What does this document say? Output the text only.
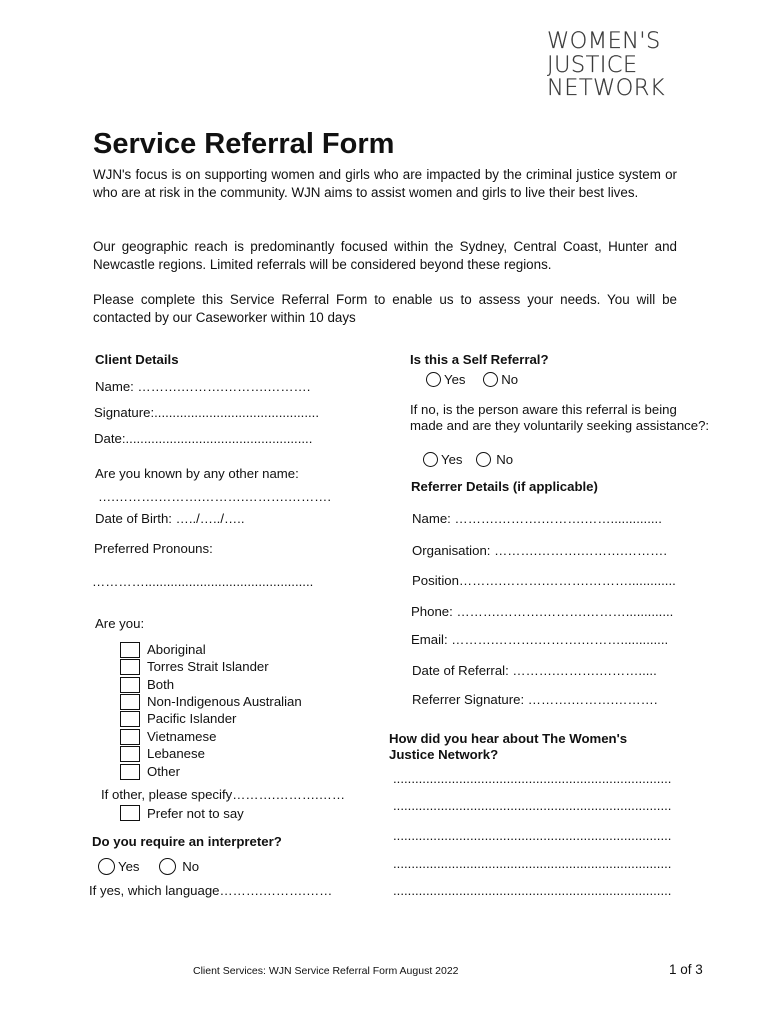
WOMEN'S
JUSTICE
NETWORK
Service Referral Form
WJN's focus is on supporting women and girls who are impacted by the criminal justice system or who are at risk in the community. WJN aims to assist women and girls to live their best lives.
Our geographic reach is predominantly focused within the Sydney, Central Coast, Hunter and Newcastle regions. Limited referrals will be considered beyond these regions.
Please complete this Service Referral Form to enable us to assess your needs. You will be contacted by our Caseworker within 10 days
Client Details
Name: ……….……….……….……….
Signature:.............................................
Date:...................................................
Are you known by any other name:
….……….……….……….……….……….
Date of Birth: …../…../…..
Preferred Pronouns:
…………..............................................
Are you:
Aboriginal
Torres Strait Islander
Both
Non-Indigenous Australian
Pacific Islander
Vietnamese
Lebanese
Other
If other, please specify……….……….……
Prefer not to say
Do you require an interpreter?
Yes	No
If yes, which language……….……….……
Is this a Self Referral?
Yes	No
If no, is the person aware this referral is being made and are they voluntarily seeking assistance?:
Yes	No
Referrer Details (if applicable)
Name: ……….……….……….……..............
Organisation: ……….……….……….……….
Position……….……….……….……….............
Phone: ……….……….……….……….............
Email: ……….……….……….……….............
Date of Referral: ……….……….……….....
Referrer Signature: ……….……….……….
How did you hear about The Women's Justice Network?
............................................................................
............................................................................
............................................................................
............................................................................
............................................................................
Client Services: WJN Service Referral Form August 2022	1 of 3
